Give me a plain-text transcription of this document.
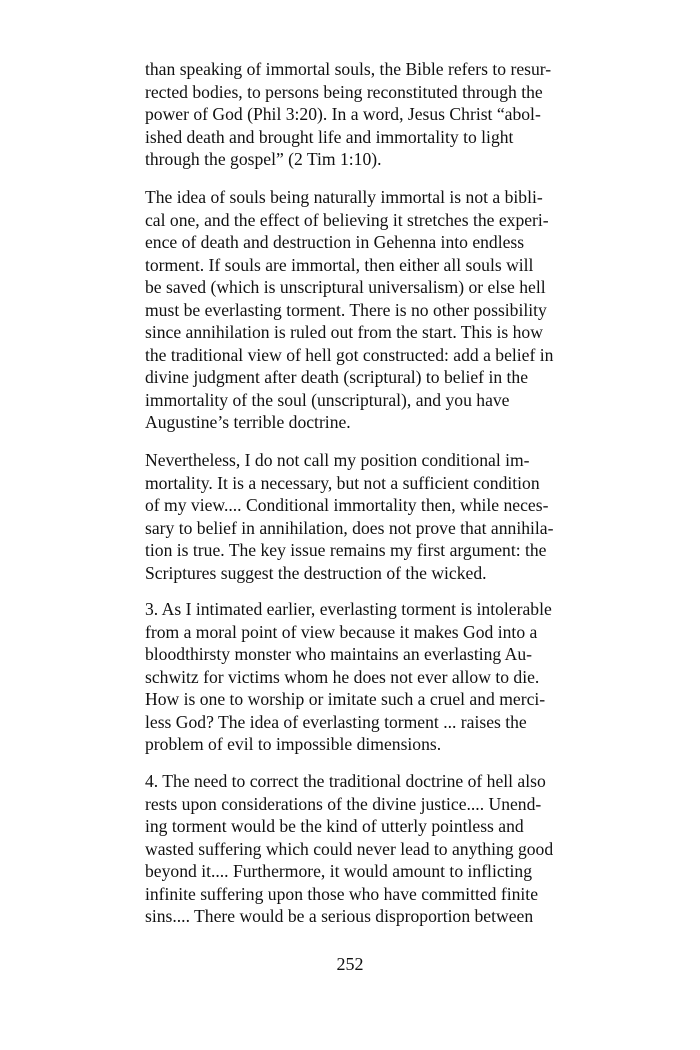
than speaking of immortal souls, the Bible refers to resur-
rected bodies, to persons being reconstituted through the
power of God (Phil 3:20). In a word, Jesus Christ “abol-
ished death and brought life and immortality to light
through the gospel” (2 Tim 1:10).
The idea of souls being naturally immortal is not a bibli-
cal one, and the effect of believing it stretches the experi-
ence of death and destruction in Gehenna into endless
torment. If souls are immortal, then either all souls will
be saved (which is unscriptural universalism) or else hell
must be everlasting torment. There is no other possibility
since annihilation is ruled out from the start. This is how
the traditional view of hell got constructed: add a belief in
divine judgment after death (scriptural) to belief in the
immortality of the soul (unscriptural), and you have
Augustine’s terrible doctrine.
Nevertheless, I do not call my position conditional im-
mortality. It is a necessary, but not a sufficient condition
of my view.... Conditional immortality then, while neces-
sary to belief in annihilation, does not prove that annihila-
tion is true. The key issue remains my first argument: the
Scriptures suggest the destruction of the wicked.
3. As I intimated earlier, everlasting torment is intolerable
from a moral point of view because it makes God into a
bloodthirsty monster who maintains an everlasting Au-
schwitz for victims whom he does not ever allow to die.
How is one to worship or imitate such a cruel and merci-
less God? The idea of everlasting torment ... raises the
problem of evil to impossible dimensions.
4. The need to correct the traditional doctrine of hell also
rests upon considerations of the divine justice.... Unend-
ing torment would be the kind of utterly pointless and
wasted suffering which could never lead to anything good
beyond it.... Furthermore, it would amount to inflicting
infinite suffering upon those who have committed finite
sins.... There would be a serious disproportion between
252
